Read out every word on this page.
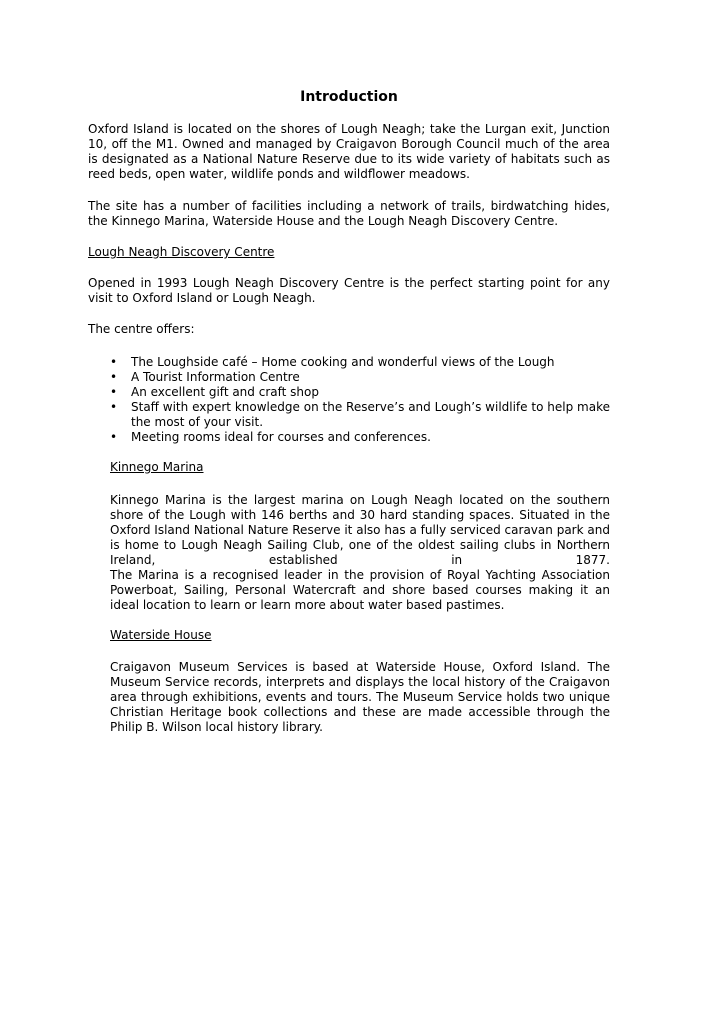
Introduction

Oxford Island is located on the shores of Lough Neagh; take the Lurgan exit, Junction 10, off the M1. Owned and managed by Craigavon Borough Council much of the area is designated as a National Nature Reserve due to its wide variety of habitats such as reed beds, open water, wildlife ponds and wildflower meadows.

The site has a number of facilities including a network of trails, birdwatching hides, the Kinnego Marina, Waterside House and the Lough Neagh Discovery Centre.

Lough Neagh Discovery Centre

Opened in 1993 Lough Neagh Discovery Centre is the perfect starting point for any visit to Oxford Island or Lough Neagh.

The centre offers:

• The Loughside café – Home cooking and wonderful views of the Lough
• A Tourist Information Centre
• An excellent gift and craft shop
• Staff with expert knowledge on the Reserve’s and Lough’s wildlife to help make the most of your visit.
• Meeting rooms ideal for courses and conferences.

Kinnego Marina

Kinnego Marina is the largest marina on Lough Neagh located on the southern shore of the Lough with 146 berths and 30 hard standing spaces. Situated in the Oxford Island National Nature Reserve it also has a fully serviced caravan park and is home to Lough Neagh Sailing Club, one of the oldest sailing clubs in Northern Ireland, established in 1877.

The Marina is a recognised leader in the provision of Royal Yachting Association Powerboat, Sailing, Personal Watercraft and shore based courses making it an ideal location to learn or learn more about water based pastimes.

Waterside House

Craigavon Museum Services is based at Waterside House, Oxford Island. The Museum Service records, interprets and displays the local history of the Craigavon area through exhibitions, events and tours. The Museum Service holds two unique Christian Heritage book collections and these are made accessible through the Philip B. Wilson local history library.
